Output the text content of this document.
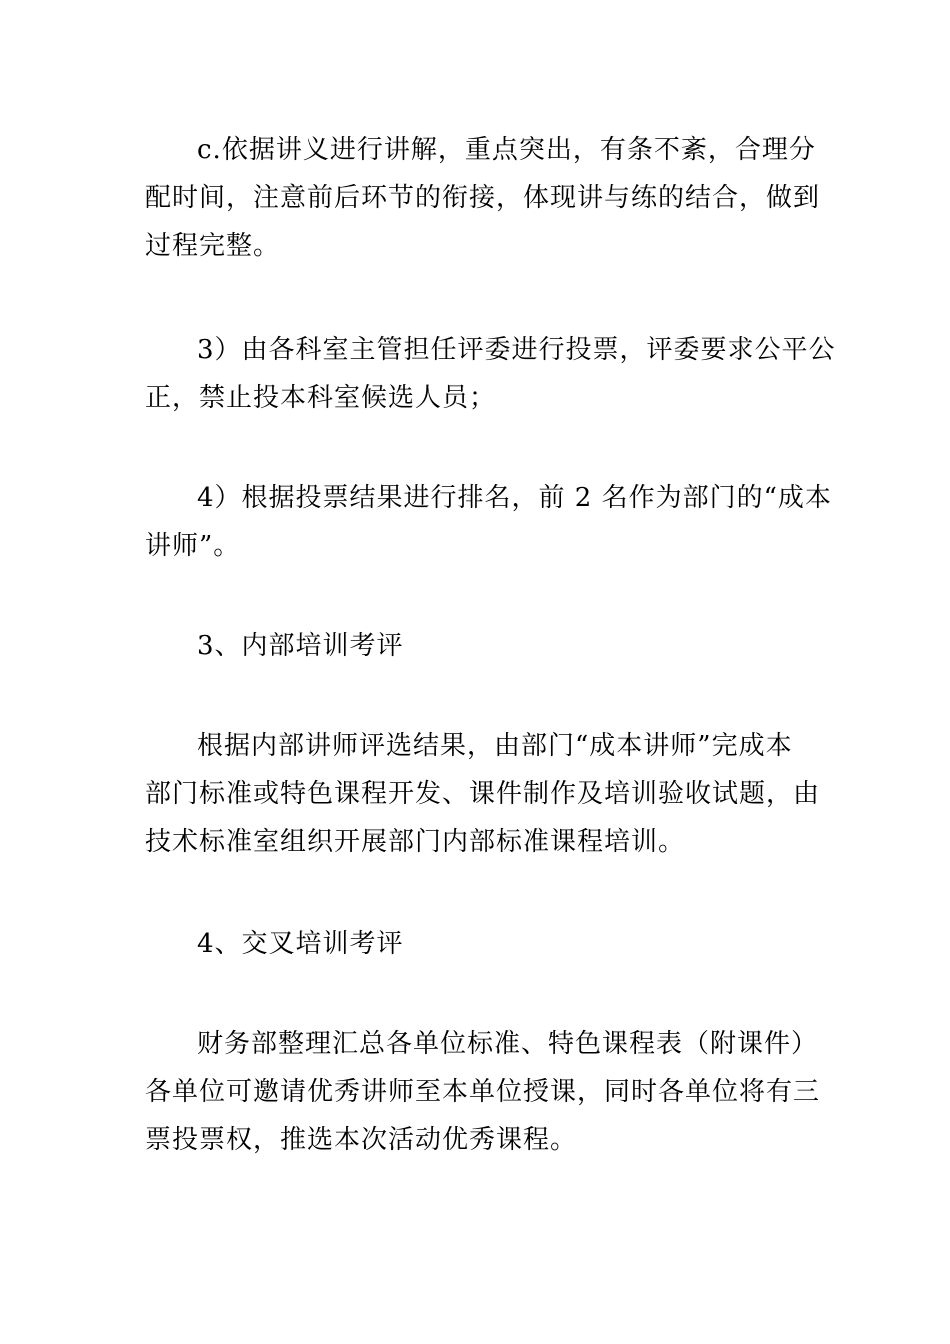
c.依据讲义进行讲解，重点突出，有条不紊，合理分
配时间，注意前后环节的衔接，体现讲与练的结合，做到
过程完整。

3）由各科室主管担任评委进行投票，评委要求公平公
正，禁止投本科室候选人员；

4）根据投票结果进行排名，前 2 名作为部门的“成本
讲师”。

3、内部培训考评

根据内部讲师评选结果，由部门“成本讲师”完成本
部门标准或特色课程开发、课件制作及培训验收试题，由
技术标准室组织开展部门内部标准课程培训。

4、交叉培训考评

财务部整理汇总各单位标准、特色课程表（附课件）
各单位可邀请优秀讲师至本单位授课，同时各单位将有三
票投票权，推选本次活动优秀课程。
